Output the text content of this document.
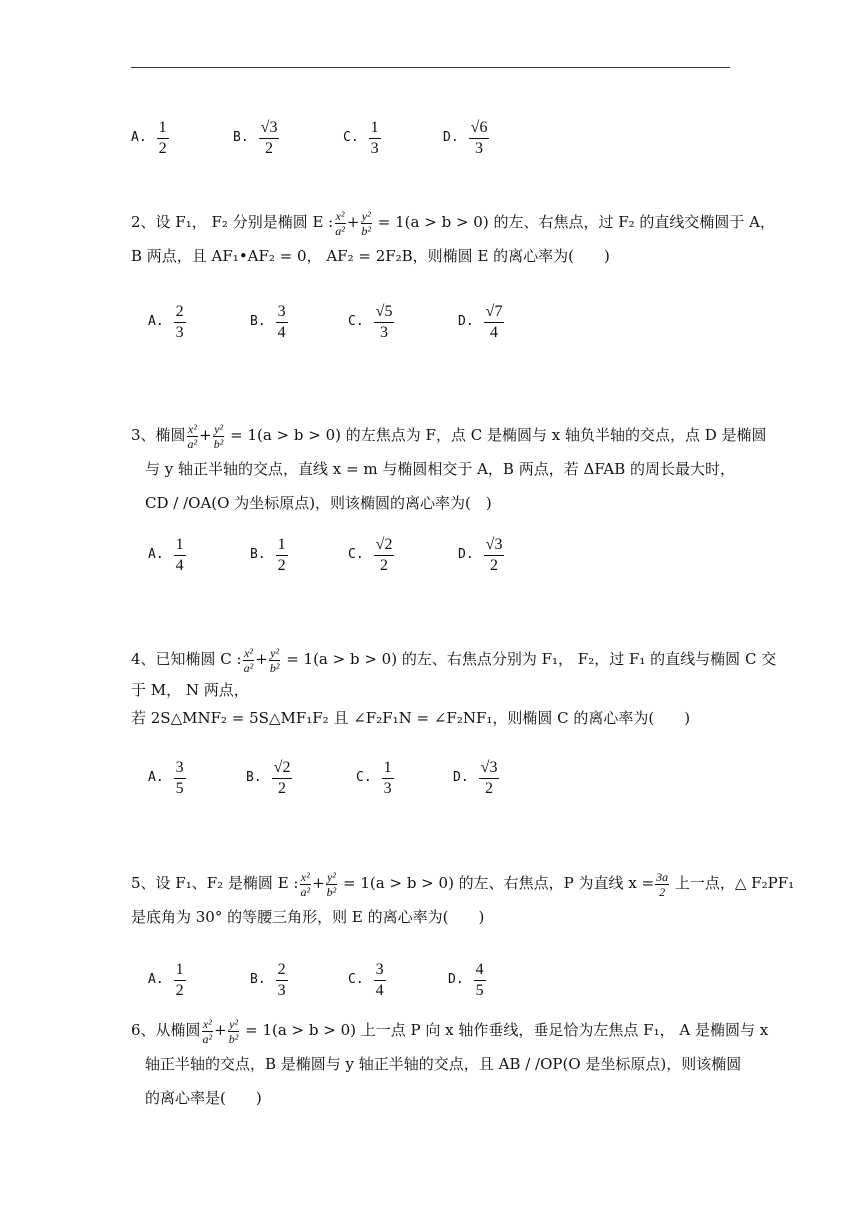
A. $\frac{1}{2}$	B. $\frac{√3}{2}$	C. $\frac{1}{3}$	D. $\frac{√6}{3}$
2、设 F₁， F₂ 分别是椭圆 E : $\frac{\text{x²}}{\text{a²}} + \frac{\text{y²}}{\text{b²}} = 1(a > b > 0)$ 的左、右焦点，过 F₂ 的直线交椭圆于 A，
B 两点，且 AF₁•AF₂ = 0， AF₂ = 2F₂B，则椭圆 E 的离心率为(　　)
A. $\frac{2}{3}$	B. $\frac{3}{4}$	C. $\frac{√5}{3}$	D. $\frac{√7}{4}$
3、椭圆 $\frac{\text{x²}}{\text{a²}} + \frac{\text{y²}}{\text{b²}} = 1(a > b > 0)$ 的左焦点为 F，点 C 是椭圆与 x 轴负半轴的交点，点 D 是椭圆
与 y 轴正半轴的交点，直线 x = m 与椭圆相交于 A，B 两点，若 ΔFAB 的周长最大时，
CD / /OA(O 为坐标原点)，则该椭圆的离心率为(　)
A. $\frac{1}{4}$	B. $\frac{1}{2}$	C. $\frac{√2}{2}$	D. $\frac{√3}{2}$
4、已知椭圆 C : $\frac{\text{x²}}{\text{a²}} + \frac{\text{y²}}{\text{b²}} = 1(a > b > 0)$ 的左、右焦点分别为 F₁， F₂，过 F₁ 的直线与椭圆 C 交
于 M， N 两点，
若 2S△MNF₂ = 5S△MF₁F₂ 且 ∠F₂F₁N = ∠F₂NF₁，则椭圆 C 的离心率为(　　)
A. $\frac{3}{5}$	B. $\frac{√2}{2}$	C. $\frac{1}{3}$	D. $\frac{√3}{2}$
5、设 F₁、F₂ 是椭圆 E : $\frac{\text{x²}}{\text{a²}} + \frac{\text{y²}}{\text{b²}} = 1(a > b > 0)$ 的左、右焦点，P 为直线 $x = \frac{3a}{2}$ 上一点，△ F₂PF₁
是底角为 30° 的等腰三角形，则 E 的离心率为(　　)
A. $\frac{1}{2}$	B. $\frac{2}{3}$	C. $\frac{3}{4}$	D. $\frac{4}{5}$
6、从椭圆 $\frac{\text{x²}}{\text{a²}} + \frac{\text{y²}}{\text{b²}} = 1(a > b > 0)$ 上一点 P 向 x 轴作垂线，垂足恰为左焦点 F₁， A 是椭圆与 x
轴正半轴的交点，B 是椭圆与 y 轴正半轴的交点，且 AB / /OP(O 是坐标原点)，则该椭圆
的离心率是(　　)
